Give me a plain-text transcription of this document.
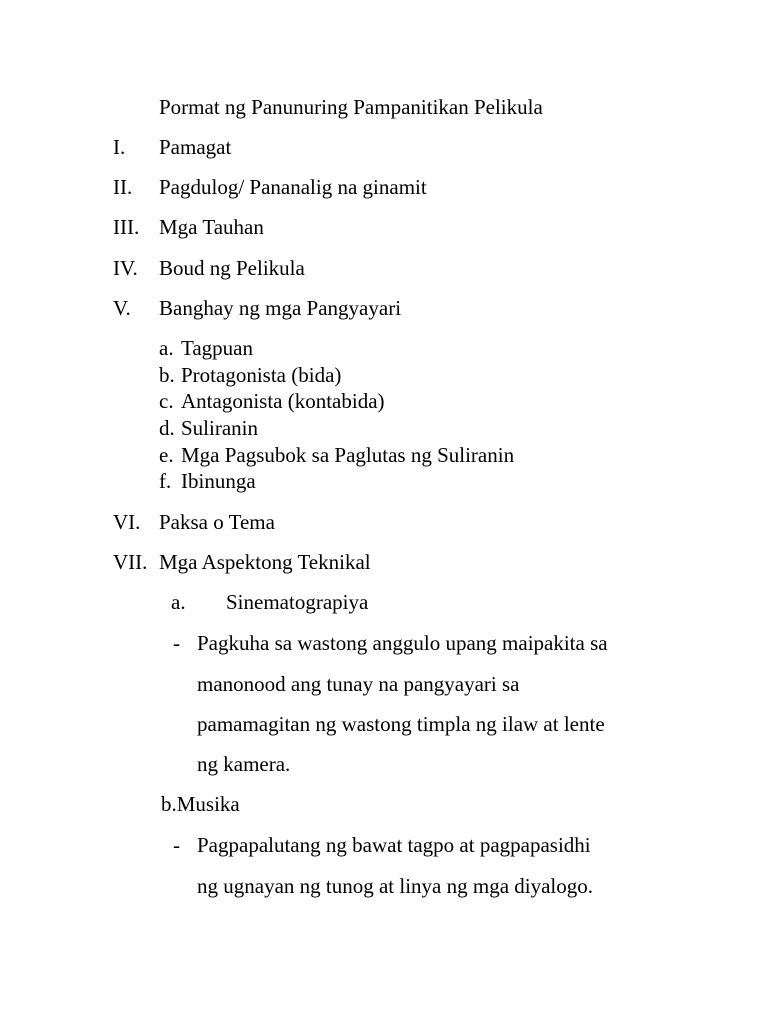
Pormat ng Panunuring Pampanitikan Pelikula
I. Pamagat
II. Pagdulog/ Pananalig na ginamit
III. Mga Tauhan
IV. Boud ng Pelikula
V. Banghay ng mga Pangyayari
a. Tagpuan
b. Protagonista (bida)
c. Antagonista (kontabida)
d. Suliranin
e. Mga Pagsubok sa Paglutas ng Suliranin
f. Ibinunga
VI. Paksa o Tema
VII. Mga Aspektong Teknikal
a. Sinematograpiya
- Pagkuha sa wastong anggulo upang maipakita sa
manonood ang tunay na pangyayari sa
pamamagitan ng wastong timpla ng ilaw at lente
ng kamera.
b.Musika
- Pagpapalutang ng bawat tagpo at pagpapasidhi
ng ugnayan ng tunog at linya ng mga diyalogo.
